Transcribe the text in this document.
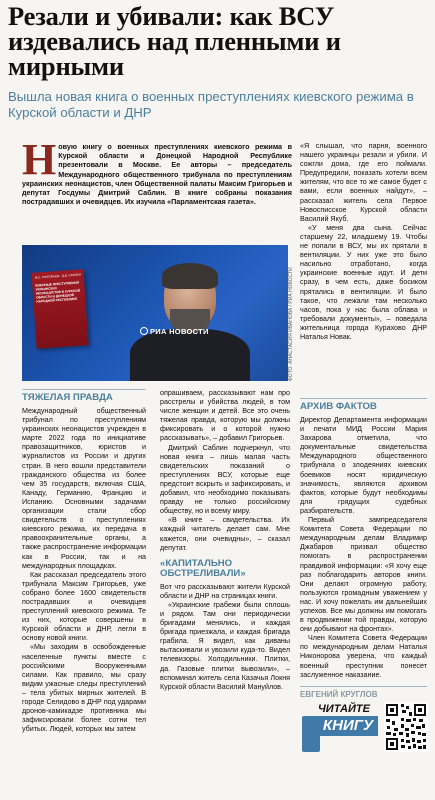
Резали и убивали: как ВСУ издевались над пленными и мирными
Вышла новая книга о военных преступлениях киевского режима в Курской области и ДНР
Н овую книгу о военных преступлениях киевского режима в Курской области и Донецкой Народной Республике презентовали в Москве. Ее авторы – председатель Международного общественного трибунала по преступлениям украинских неонацистов, член Общественной палаты Максим Григорьев и депутат Госдумы Дмитрий Саблин. В книге собраны показания пострадавших и очевидцев. Их изучила «Парламентская газета».

М.С. ГРИГОРЬЕВ · Д.В. САБЛИН
ВОЕННЫЕ ПРЕСТУПЛЕНИЯ УКРАИНСКИХ НЕОНАЦИСТОВ В КУРСКОЙ ОБЛАСТИ И ДОНЕЦКОЙ НАРОДНОЙ РЕСПУБЛИКЕ
РИА НОВОСТИ	ФОТО: АНАСТАСИЯ ИВАНОВА / РИА НОВОСТИ

«Я слышал, что парня, военного нашего украинцы резали и убили. И сожгли дома, где его поймали. Предупредили, показать хотели всем жителям, что все то же самое будет с вами, если военных найдут», – рассказал житель села Первое Новосписское Курской области Василий Якуб.

«У меня два сына. Сейчас старшему 22, младшему 19. Чтобы не попали в ВСУ, мы их прятали в вентиляции. У них уже это было насильно отработано, когда украинские военные идут. И дети сразу, в чем есть, даже босиком прятались в вентиляции. И было такое, что лежали там несколько часов, пока у нас была облава и требовали документы», – поведала жительница города Курахово ДНР Наталья Новак.

ТЯЖЕЛАЯ ПРАВДА

Международный общественный трибунал по преступлениям украинских неонацистов учрежден в марте 2022 года по инициативе правозащитников, юристов и журналистов из России и других стран. В него вошли представители гражданского общества из более чем 35 государств, включая США, Канаду, Германию, Францию и Испанию. Основными задачами организации стали сбор свидетельств о преступлениях киевского режима, их передача в правоохранительные органы, а также распространение информации как в России, так и на международных площадках.

Как рассказал председатель этого трибунала Максим Григорьев, уже собрано более 1600 свидетельств пострадавших и очевидцев преступлений киевского режима. Те из них, которые совершены в Курской области и ДНР, легли в основу новой книги.

«Мы заходим в освобожденные населенные пункты вместе с российскими Вооруженными силами. Как правило, мы сразу видим ужасные следы преступлений – тела убитых мирных жителей. В городе Селидово в ДНР под ударами дронов-камикадзе противника мы зафиксировали более сотни тел убитых. Людей, которых мы затем

опрашиваем, рассказывают нам про расстрелы и убийства людей, в том числе женщин и детей. Все это очень тяжелая правда, которую мы должны фиксировать и о которой нужно рассказывать», – добавил Григорьев.

Дмитрий Саблин подчеркнул, что новая книга – лишь малая часть свидетельских показаний о преступлениях ВСУ, которые еще предстоит вскрыть и зафиксировать, и добавил, что необходимо показывать правду не только российскому обществу, но и всему миру.

«В книге – свидетельства. Их каждый читатель делает сам. Мне кажется, они очевидны», – сказал депутат.

«КАПИТАЛЬНО ОБСТРЕЛИВАЛИ»

Вот что рассказывают жители Курской области и ДНР на страницах книги.

«Украинские грабежи были сплошь и рядом. Там они периодически бригадами менялись, и каждая бригада приезжала, и каждая бригада грабила. Я видел, как диваны вытаскивали и увозили куда-то. Видел телевизоры. Холодильники. Плитки, да. Газовые плитки вывозили», – вспоминал житель села Казачья Локня Курской области Василий Мануйлов.

АРХИВ ФАКТОВ

Директор Департамента информации и печати МИД России Мария Захарова отметила, что документальные свидетельства Международного общественного трибунала о злодеяниях киевских боевиков носят юридическую значимость, являются архивом фактов, которые будут необходимы для грядущих судебных разбирательств.

Первый зампредседателя Комитета Совета Федерации по международным делам Владимир Джабаров призвал общество помогать в распространении правдивой информации: «Я хочу еще раз поблагодарить авторов книги. Они делают огромную работу, пользуются громадным уважением у нас. И хочу пожелать им дальнейших успехов. Все мы должны им помогать в продвижении той правды, которую они добывают на фронтах».

Член Комитета Совета Федерации по международным делам Наталья Никонорова уверена, что каждый военный преступник понесет заслуженное наказание.

ЕВГЕНИЙ КРУГЛОВ
ЧИТАЙТЕ
КНИГУ
